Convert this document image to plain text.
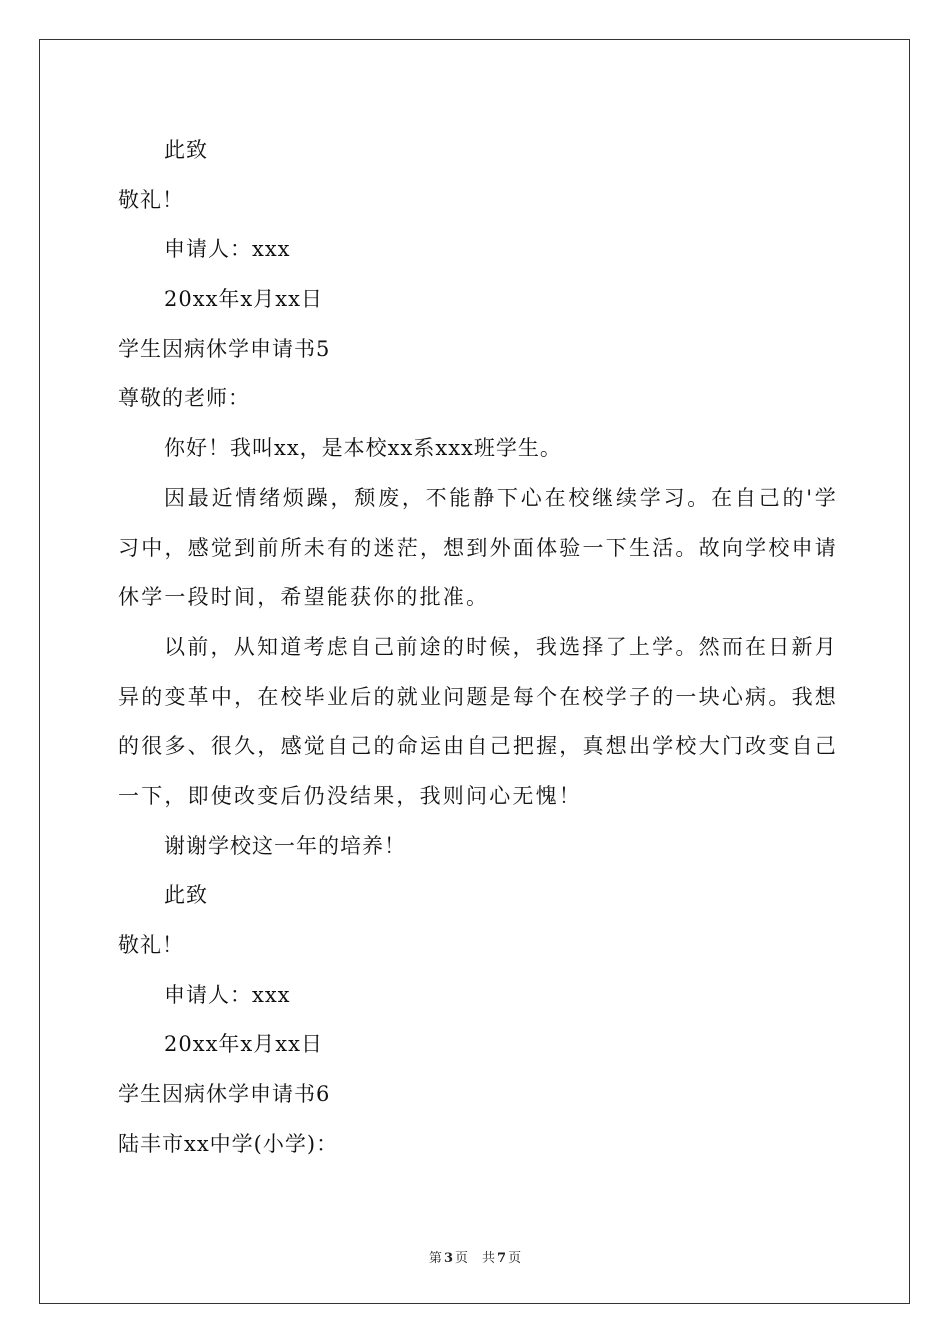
此致
敬礼！
申请人：xxx
20xx年x月xx日
学生因病休学申请书5
尊敬的老师：
你好！我叫xx，是本校xx系xxx班学生。

因最近情绪烦躁，颓废，不能静下心在校继续学习。在自己的'学习中，感觉到前所未有的迷茫，想到外面体验一下生活。故向学校申请休学一段时间，希望能获你的批准。

以前，从知道考虑自己前途的时候，我选择了上学。然而在日新月异的变革中，在校毕业后的就业问题是每个在校学子的一块心病。我想的很多、很久，感觉自己的命运由自己把握，真想出学校大门改变自己一下，即使改变后仍没结果，我则问心无愧！

谢谢学校这一年的培养！
此致
敬礼！
申请人：xxx
20xx年x月xx日
学生因病休学申请书6
陆丰市xx中学(小学)：
第 3 页 共 7 页
